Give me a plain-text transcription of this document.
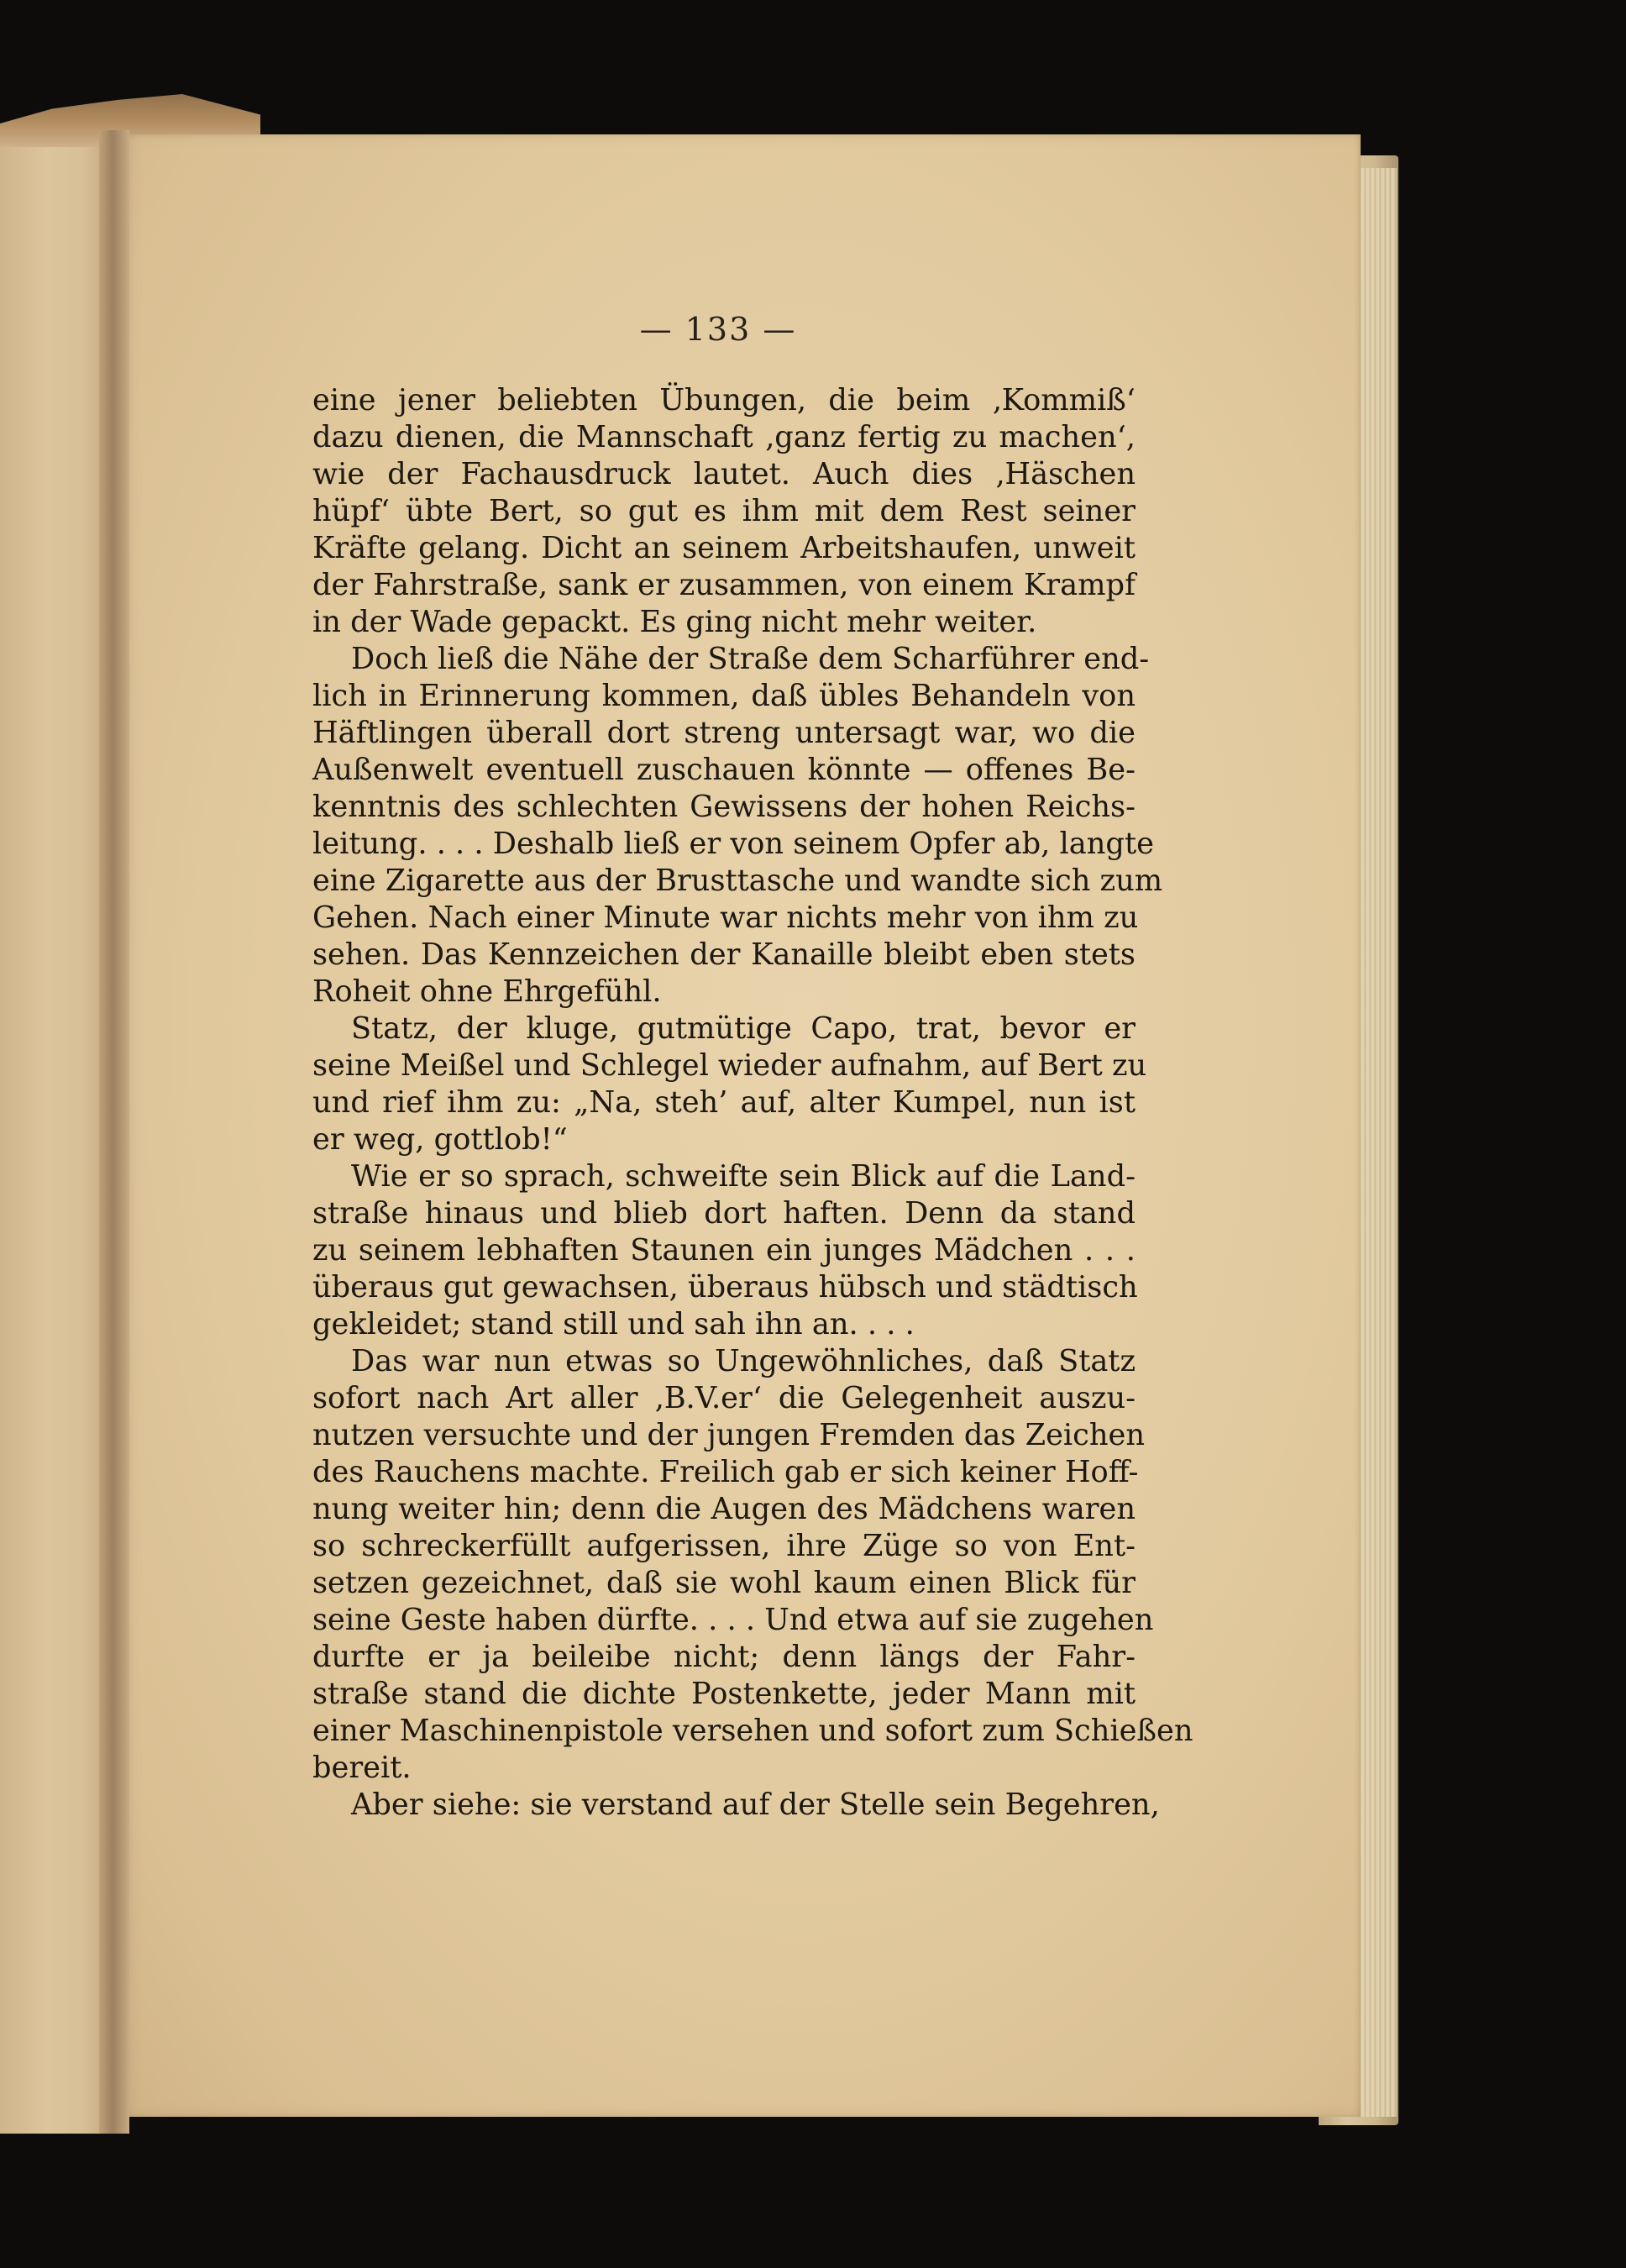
— 133 —
eine jener beliebten Übungen, die beim ‚Kommiß‘
dazu dienen, die Mannschaft ‚ganz fertig zu machen‘,
wie der Fachausdruck lautet. Auch dies ‚Häschen
hüpf‘ übte Bert, so gut es ihm mit dem Rest seiner
Kräfte gelang. Dicht an seinem Arbeitshaufen, unweit
der Fahrstraße, sank er zusammen, von einem Krampf
in der Wade gepackt. Es ging nicht mehr weiter.
Doch ließ die Nähe der Straße dem Scharführer end-
lich in Erinnerung kommen, daß übles Behandeln von
Häftlingen überall dort streng untersagt war, wo die
Außenwelt eventuell zuschauen könnte — offenes Be-
kenntnis des schlechten Gewissens der hohen Reichs-
leitung. . . . Deshalb ließ er von seinem Opfer ab, langte
eine Zigarette aus der Brusttasche und wandte sich zum
Gehen. Nach einer Minute war nichts mehr von ihm zu
sehen. Das Kennzeichen der Kanaille bleibt eben stets
Roheit ohne Ehrgefühl.
Statz, der kluge, gutmütige Capo, trat, bevor er
seine Meißel und Schlegel wieder aufnahm, auf Bert zu
und rief ihm zu: „Na, steh’ auf, alter Kumpel, nun ist
er weg, gottlob!“
Wie er so sprach, schweifte sein Blick auf die Land-
straße hinaus und blieb dort haften. Denn da stand
zu seinem lebhaften Staunen ein junges Mädchen . . .
überaus gut gewachsen, überaus hübsch und städtisch
gekleidet; stand still und sah ihn an. . . .
Das war nun etwas so Ungewöhnliches, daß Statz
sofort nach Art aller ‚B.V.er‘ die Gelegenheit auszu-
nutzen versuchte und der jungen Fremden das Zeichen
des Rauchens machte. Freilich gab er sich keiner Hoff-
nung weiter hin; denn die Augen des Mädchens waren
so schreckerfüllt aufgerissen, ihre Züge so von Ent-
setzen gezeichnet, daß sie wohl kaum einen Blick für
seine Geste haben dürfte. . . . Und etwa auf sie zugehen
durfte er ja beileibe nicht; denn längs der Fahr-
straße stand die dichte Postenkette, jeder Mann mit
einer Maschinenpistole versehen und sofort zum Schießen
bereit.
Aber siehe: sie verstand auf der Stelle sein Begehren,
